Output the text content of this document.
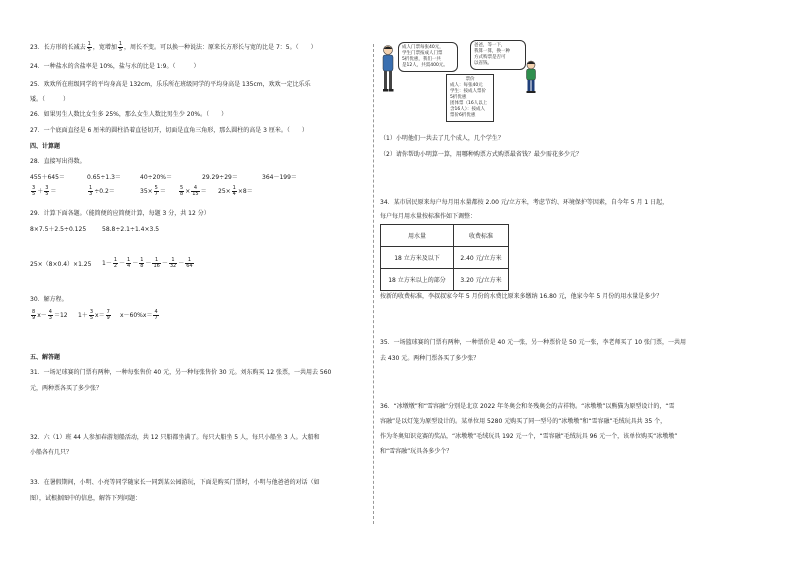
23．长方形的长减去 $\frac{1}{5}$ ，宽增加 $\frac{1}{5}$ ，周长不变。可以换一种说法：原来长方形长与宽的比是 7：5。（　　）
24．一种盐水的含盐率是 10%，盐与水的比是 1:9。（　　　）
25．欢欢所在班级同学的平均身高是 132cm，乐乐所在班级同学的平均身高是 135cm，欢欢一定比乐乐
矮。（　　　）
26．如果男生人数比女生多 25%，那么女生人数比男生少 20%。（　　）
27．一个底面直径是 6 厘米的圆柱沿着直径切开，切面是直角三角形，那么圆柱的高是 3 厘米。（　　）
四、计算题
28．直接写出得数。
455＋645＝	0.65÷1.3＝	40÷20%＝	29.29÷29＝	364－199＝
$\frac{3}{5} + \frac{3}{5}$ ＝	$\frac{1}{3} \div 0.2=$	$35\times \frac{5}{7}$ ＝	$\frac{5}{8} \times \frac{4}{15} = 25\times \frac{1}{4} \times 8=$
29．计算下面各题。（能简便的应简便计算，每题 3 分，共 12 分）
8×7.5＋2.5÷0.125	58.8÷2.1÷1.4×3.5
25×（8×0.4）×1.25 $1- \frac{1}{2} - \frac{1}{4} - \frac{1}{8} - \frac{1}{16} - \frac{1}{32} - \frac{1}{64}$
30．解方程。
$\frac{8}{9} x- \frac{4}{3} =12$ $1+ \frac{3}{5} x= \frac{7}{9} x-60\%x= \frac{4}{7}$
五、解答题
31．一场足球赛的门票有两种，一种每张售价 40 元，另一种每张售价 30 元。刘东购买 12 张票，一共用去 560
元，两种票各买了多少张？
32．六（1）班 44 人参加春游划船活动，共 12 只船都坐满了。每只大船坐 5 人，每只小船坐 3 人。大船和
小船各有几只？
33．在暑假期间，小明、小亮等同学随家长一同到某公园游玩，下面是购买门票时，小明与他爸爸的对话（如
图），试根据图中的信息，解答下列问题：
成人门票每张40元，
学生门票按成人门票
5折优惠，我们一共
是12人，共需400元。
爸爸，等一下，
我算一算，换一种
方式购票是否可
以省钱。
票价
成人：每张40元
学生：按成人票价
5折优惠
团体票（16人以上
含16人）：按成人
票价6折优惠
（1）小明他们一共去了几个成人，几个学生？
（2）请你帮助小明算一算，用哪种购票方式购票最省钱？最少需花多少元？
34．某市居民原来每户每月用水量都按 2.00 元/立方米，考虑节约、环境保护等因素，自今年 5 月 1 日起，
每户每月用水量按标准作如下调整：
用水量	收费标准
18 立方米及以下	2.40 元/立方米
18 立方米以上的部分	3.20 元/立方米
按新的收费标准，李叔叔家今年 5 月份的水费比原来多缴纳 16.80 元，他家今年 5 月份的用水量是多少？
35．一场篮球赛的门票有两种，一种票价是 40 元一张，另一种票价是 50 元一张，李老师买了 10 张门票，一共用
去 430 元。两种门票各买了多少张？
36．“冰墩墩”和“雪容融”分别是北京 2022 年冬奥会和冬残奥会的吉祥物。“冰墩墩”以熊猫为原型设计的，“雪
容融”是以灯笼为原型设计的。某单位用 5280 元购买了同一型号的“冰墩墩”和“雪容融”毛绒玩具共 35 个，
作为冬奥知识竞赛的奖品，“冰墩墩”毛绒玩具 192 元一个，“雪容融”毛绒玩具 96 元一个，该单位购买“冰墩墩”
和“雪容融”玩具各多少个？
